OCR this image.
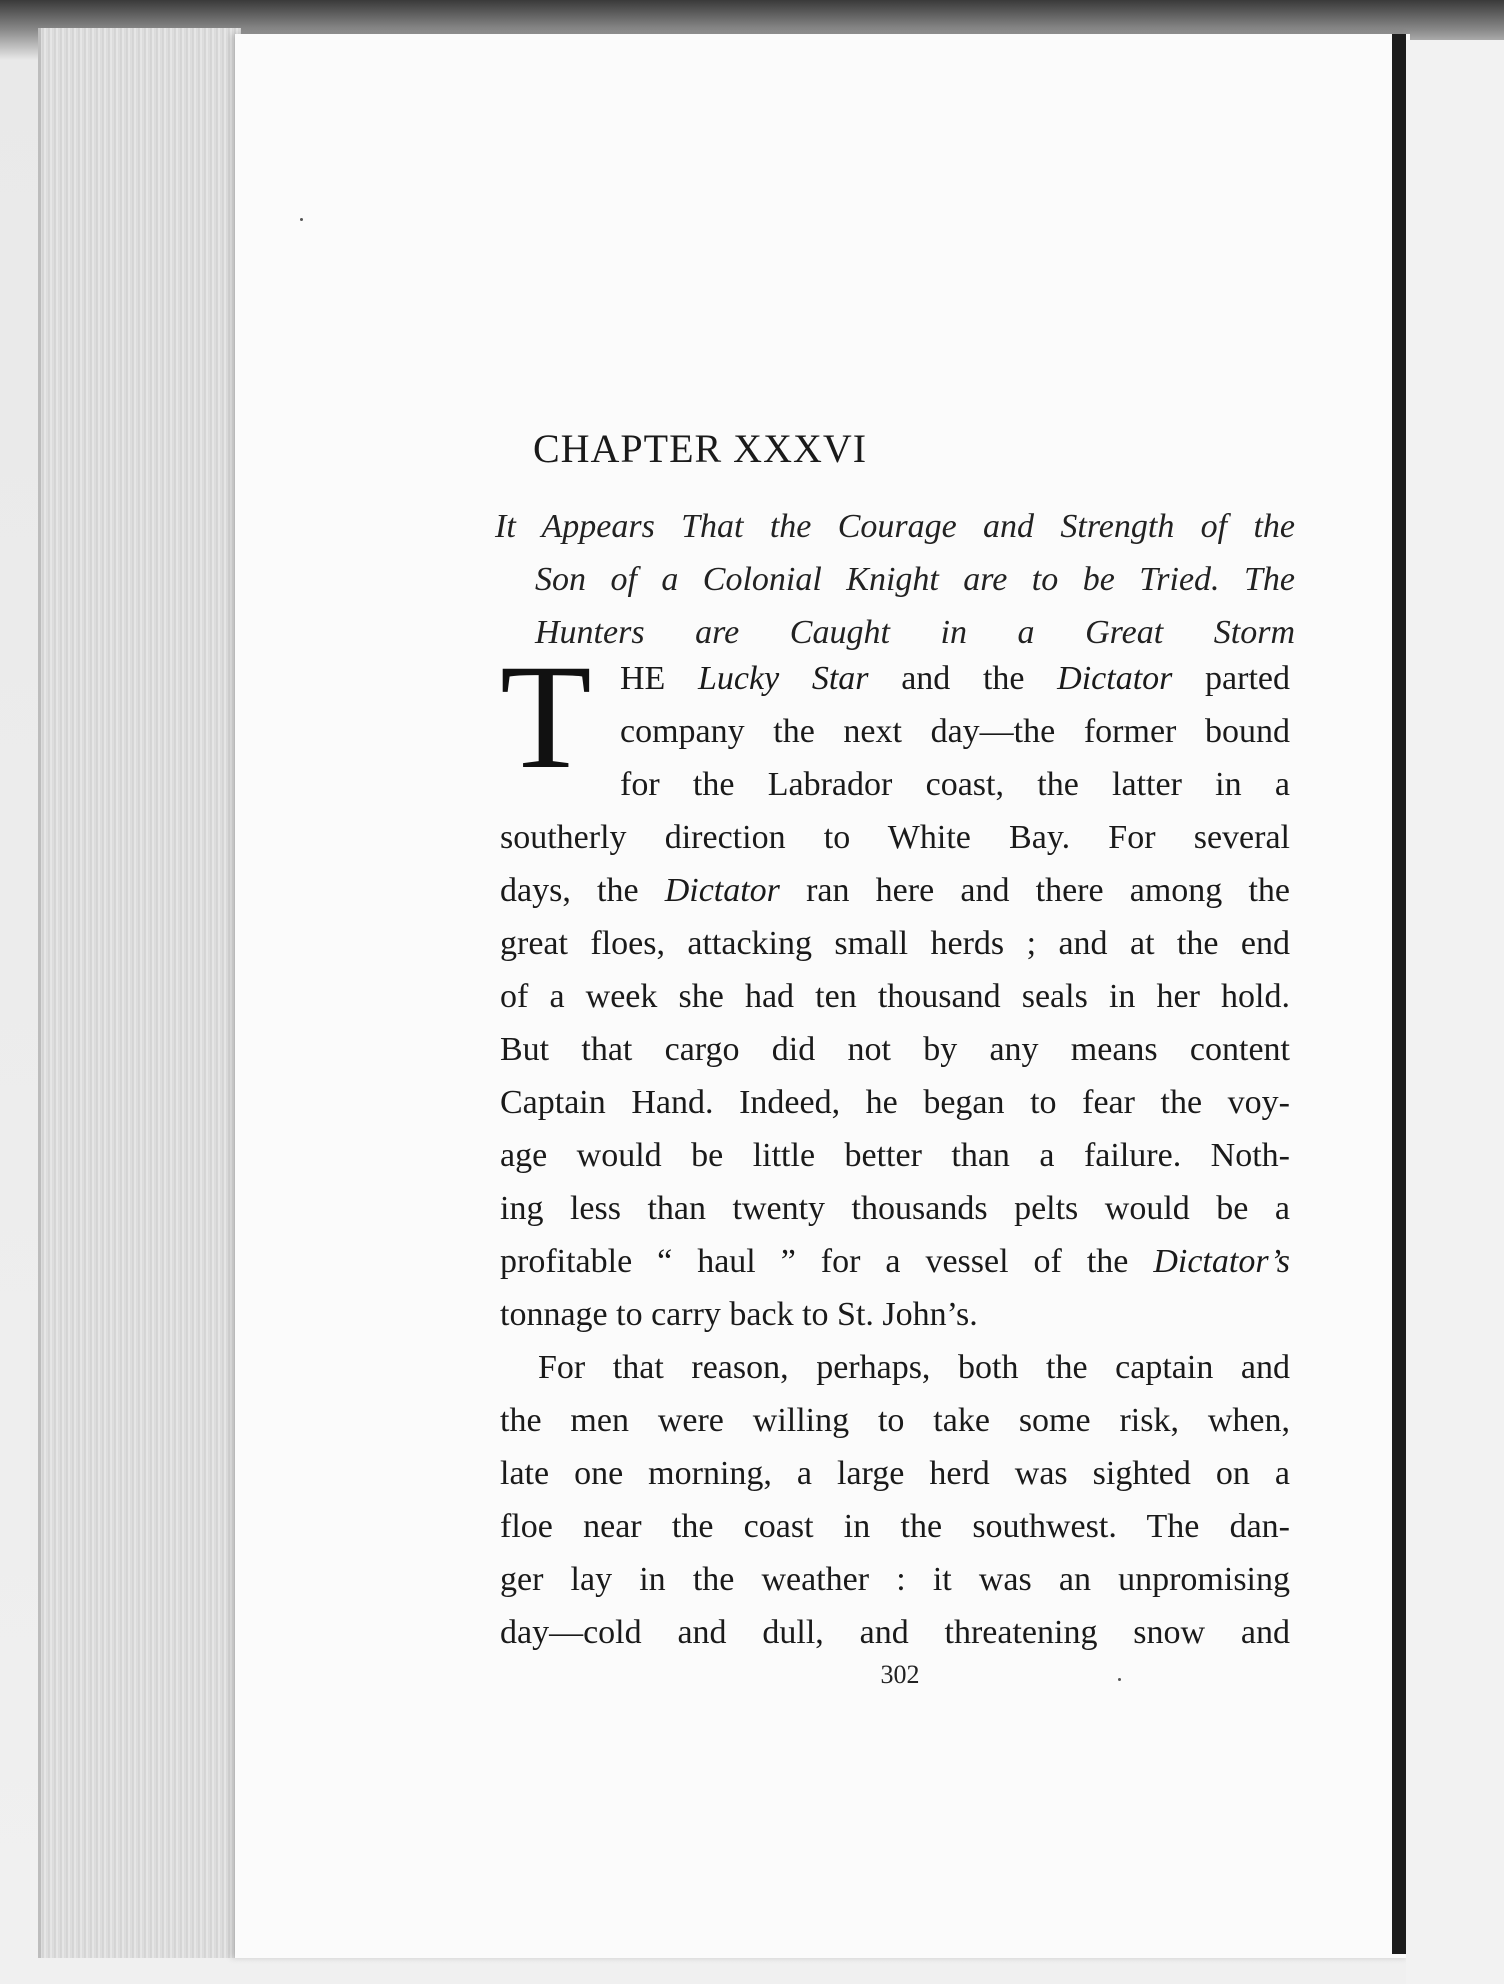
CHAPTER XXXVI
It Appears That the Courage and Strength of the
Son of a Colonial Knight are to be Tried. The
Hunters are Caught in a Great Storm
T HE Lucky Star and the Dictator parted
company the next day—the former bound
for the Labrador coast, the latter in a
southerly direction to White Bay. For several
days, the Dictator ran here and there among the
great floes, attacking small herds ; and at the end
of a week she had ten thousand seals in her hold.
But that cargo did not by any means content
Captain Hand. Indeed, he began to fear the voy-
age would be little better than a failure. Noth-
ing less than twenty thousands pelts would be a
profitable “ haul ” for a vessel of the Dictator’s
tonnage to carry back to St. John’s.
For that reason, perhaps, both the captain and
the men were willing to take some risk, when,
late one morning, a large herd was sighted on a
floe near the coast in the southwest. The dan-
ger lay in the weather : it was an unpromising
day—cold and dull, and threatening snow and
302
